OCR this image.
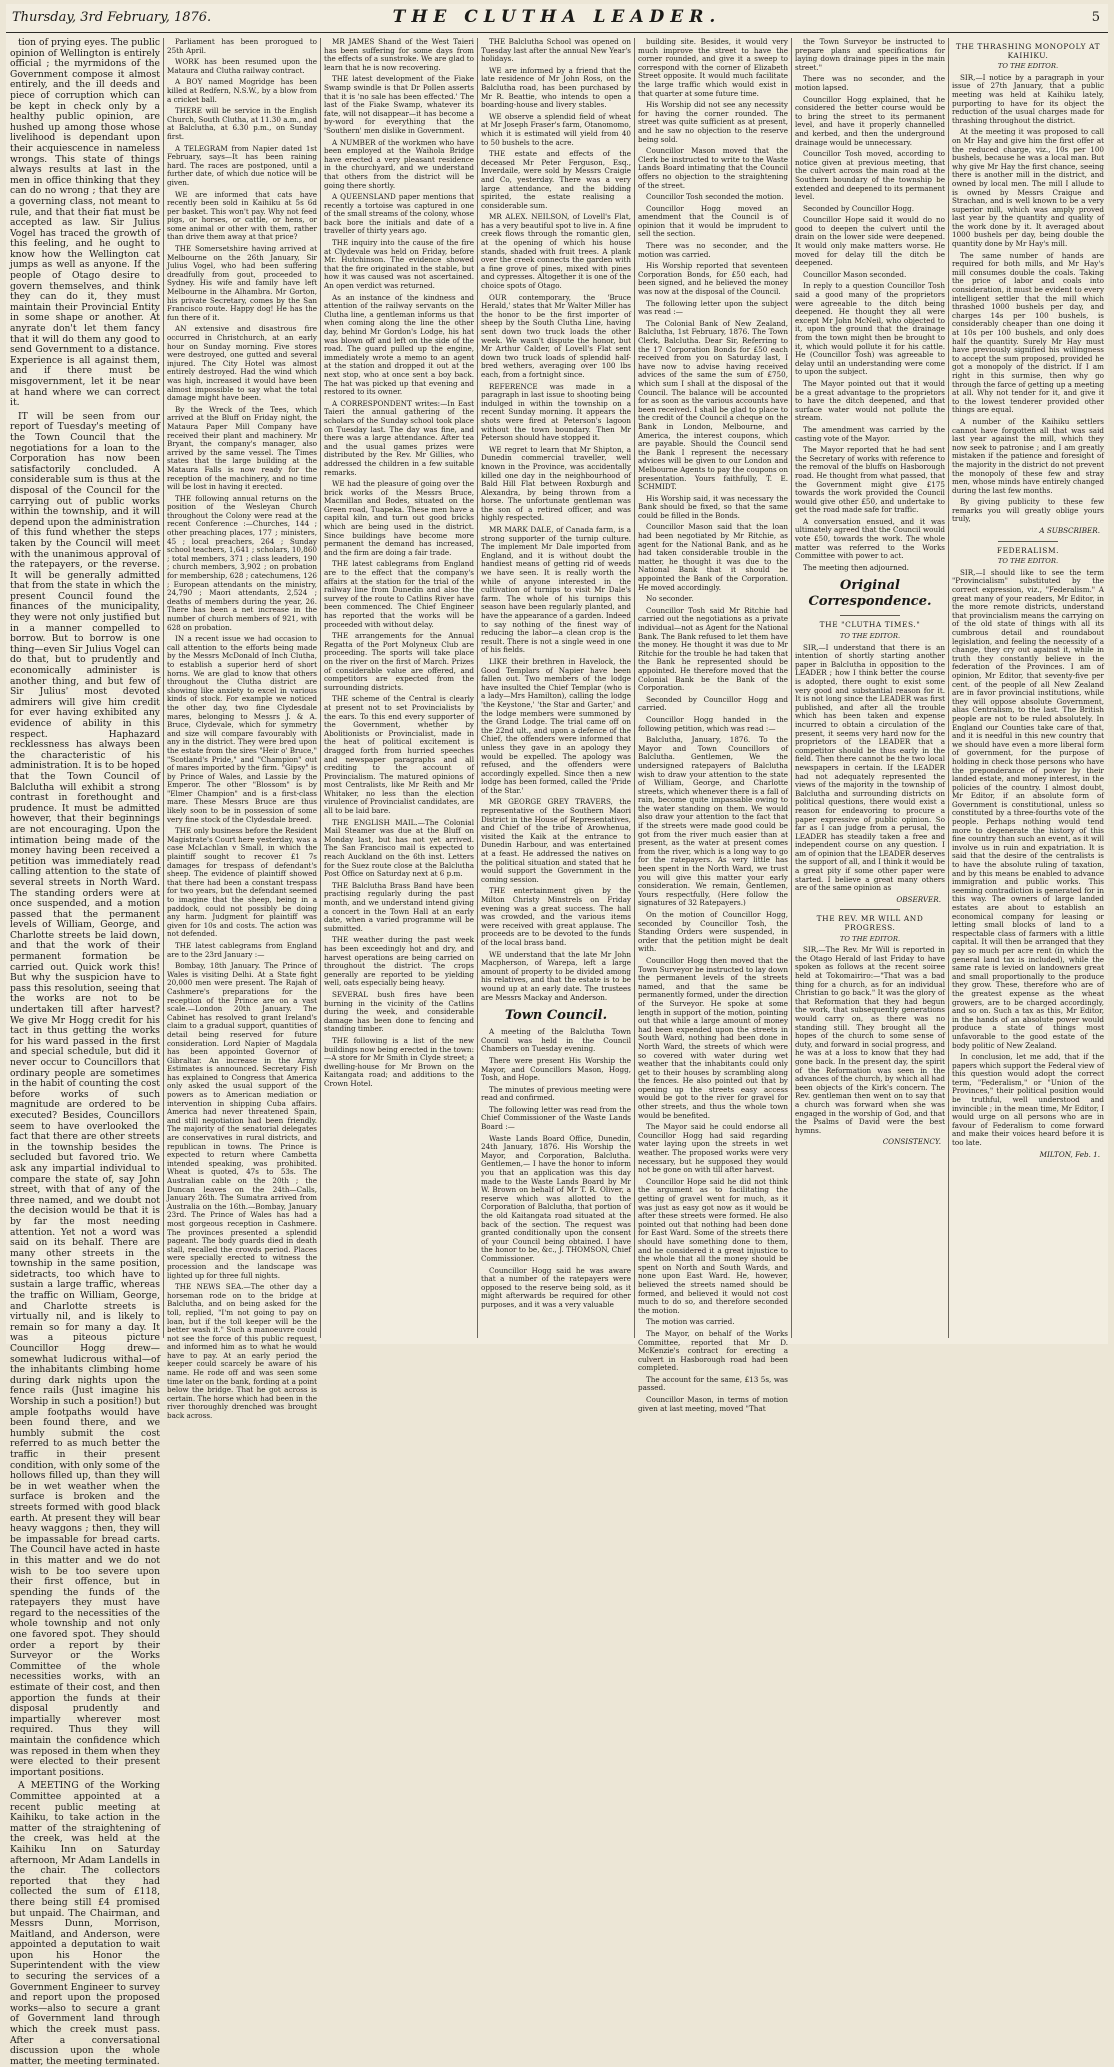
Thursday, 3rd February, 1876.	THE CLUTHA LEADER.	5

tion of prying eyes. The public opinion of Wellington is entirely official ; the myrmidons of the Government compose it almost entirely, and the ill deeds and piece of corruption which can be kept in check only by a healthy public opinion, are hushed up among those whose livelihood is dependant upon their acquiescence in nameless wrongs. This state of things always results at last in the men in office thinking that they can do no wrong ; that they are a governing class, not meant to rule, and that their fiat must be accepted as law. Sir Julius Vogel has traced the growth of this feeling, and he ought to know how the Wellington cat jumps as well as anyone. If the people of Otago desire to govern themselves, and think they can do it, they must maintain their Provincial Entity in some shape or another. At anyrate don't let them fancy that it will do them any good to send Government to a distance. Experience is all against them, and if there must be misgovernment, let it be near at hand where we can correct it.

IT will be seen from our report of Tuesday's meeting of the Town Council that the negotiations for a loan to the Corporation has now been satisfactorily concluded. A considerable sum is thus at the disposal of the Council for the carrying out of public works within the township, and it will depend upon the administration of this fund whether the steps taken by the Council will meet with the unanimous approval of the ratepayers, or the reverse. It will be generally admitted that from the state in which the present Council found the finances of the municipality, they were not only justified but in a manner compelled to borrow. But to borrow is one thing—even Sir Julius Vogel can do that, but to prudently and economically administer is another thing, and but few of Sir Julius' most devoted admirers will give him credit for ever having exhibited any evidence of ability in this respect. Haphazard recklessness has always been the characteristic of his administration. It is to be hoped that the Town Council of Balclutha will exhibit a strong contrast in forethought and prudence. It must be admitted however, that their beginnings are not encouraging. Upon the intimation being made of the money having been received a petition was immediately read calling attention to the state of several streets in North Ward. The standing orders were at once suspended, and a motion passed that the permanent levels of William, George, and Charlotte streets be laid down, and that the work of their permanent formation be carried out. Quick work this! But why the suspicion have to pass this resolution, seeing that the works are not to be undertaken till after harvest? We give Mr Hogg credit for his tact in thus getting the works for his ward passed in the first and special schedule, but did it never occur to Councillors that ordinary people are sometimes in the habit of counting the cost before works of such magnitude are ordered to be executed? Besides, Councillors seem to have overlooked the fact that there are other streets in the township besides the secluded but favored trio. We ask any impartial individual to compare the state of, say John street, with that of any of the three named, and we doubt not the decision would be that it is by far the most needing attention. Yet not a word was said on its behalf. There are many other streets in the township in the same position, sidetracts, too which have to sustain a large traffic, whereas the traffic on William, George, and Charlotte streets is virtually nil, and is likely to remain so for many a day. It was a piteous picture Councillor Hogg drew—somewhat ludicrous withal—of the inhabitants climbing home during dark nights upon the fence rails (Just imagine his Worship in such a position!) but ample footpaths would have been found there, and we humbly submit the cost referred to as much better the traffic in their present condition, with only some of the hollows filled up, than they will be in wet weather when the surface is broken and the streets formed with good black earth. At present they will bear heavy waggons ; then, they will be impassable for bread carts. The Council have acted in haste in this matter and we do not wish to be too severe upon their first offence, but in spending the funds of the ratepayers they must have regard to the necessities of the whole township and not only one favored spot. They should order a report by their Surveyor or the Works Committee of the whole necessities works, with an estimate of their cost, and then apportion the funds at their disposal prudently and impartially wherever most required. Thus they will maintain the confidence which was reposed in them when they were elected to their present important positions.

A MEETING of the Working Committee appointed at a recent public meeting at Kaihiku, to take action in the matter of the straightening of the creek, was held at the Kaihiku Inn on Saturday afternoon, Mr Adam Landells in the chair. The collectors reported that they had collected the sum of £118, there being still £4 promised but unpaid. The Chairman, and Messrs Dunn, Morrison, Maitland, and Anderson, were appointed a deputation to wait upon his Honor the Superintendent with the view to securing the services of a Government Engineer to survey and report upon the proposed works—also to secure a grant of Government land through which the creek must pass. After a conversational discussion upon the whole matter, the meeting terminated.

Parliament has been prorogued to 25th April.

WORK has been resumed upon the Mataura and Clutha railway contract.

A BOY named Mogridge has been killed at Redfern, N.S.W., by a blow from a cricket ball.

THERE will be service in the English Church, South Clutha, at 11.30 a.m., and at Balclutha, at 6.30 p.m., on Sunday first.

A TELEGRAM from Napier dated 1st February, says—It has been raining hard. The races are postponed, until a further date, of which due notice will be given.

WE are informed that cats have recently been sold in Kaihiku at 5s 6d per basket. This won't pay. Why not feed pigs, or horses, or cattle, or hens, or some animal or other with them, rather than drive them away at that price?

THE Somersetshire having arrived at Melbourne on the 26th January, Sir Julius Vogel, who had been suffering dreadfully from gout, proceeded to Sydney. His wife and family have left Melbourne in the Alhambra. Mr Gorton, his private Secretary, comes by the San Francisco route. Happy dog! He has the fun there of it.

AN extensive and disastrous fire occurred in Christchurch, at an early hour on Sunday morning. Five stores were destroyed, one gutted and several injured. The City Hotel was almost entirely destroyed. Had the wind which was high, increased it would have been almost impossible to say what the total damage might have been.

By the Wreck of the Tees, which arrived at the Bluff on Friday night, the Mataura Paper Mill Company have received their plant and machinery. Mr Bryant, the company's manager, also arrived by the same vessel. The Times states that the large building at the Mataura Falls is now ready for the reception of the machinery, and no time will be lost in having it erected.

THE following annual returns on the position of the Wesleyan Church throughout the Colony were read at the recent Conference :—Churches, 144 ; other preaching places, 177 ; ministers, 45 ; local preachers, 264 ; Sunday school teachers, 1,641 ; scholars, 10,860 ; total members, 371 ; class leaders, 190 ; church members, 3,902 ; on probation for membership, 628 ; catechumens, 126 ; European attendants on the ministry, 24,790 ; Maori attendants, 2,524 ; deaths of members during the year, 26. There has been a net increase in the number of church members of 921, with 628 on probation.

IN a recent issue we had occasion to call attention to the efforts being made by the Messrs McDonald of Inch Clutha, to establish a superior herd of short horns. We are glad to know that others throughout the Clutha district are showing like anxiety to excel in various kinds of stock. For example we noticed the other day, two fine Clydesdale mares, belonging to Messrs J. & A. Bruce, Clydevale, which for symmetry and size will compare favourably with any in the district. They were bred upon the estate from the sires "Heir o' Bruce," "Scotland's Pride," and "Champion" out of mares imported by the firm. "Gipsy" is by Prince of Wales, and Lassie by the Emperor. The other "Blossom" is by "Elmer Champion" and is a first-class mare. These Messrs Bruce are thus likely soon to be in possession of some very fine stock of the Clydesdale breed.

THE only business before the Resident Magistrate's Court here yesterday, was a case McLachlan v Small, in which the plaintiff sought to recover £1 7s damages for trespass of defendant's sheep. The evidence of plaintiff showed that there had been a constant trespass for two years, but the defendant seemed to imagine that the sheep, being in a paddock, could not possibly be doing any harm. Judgment for plaintiff was given for 10s and costs. The action was not defended.

THE latest cablegrams from England are to the 23rd January :—

Bombay, 18th January. The Prince of Wales is visiting Delhi. At a State fight 20,000 men were present. The Rajah of Cashmere's preparations for the reception of the Prince are on a vast scale.—London 20th January. The Cabinet has resolved to grant Ireland's claim to a gradual support, quantities of detail being reserved for future consideration. Lord Napier of Magdala has been appointed Governor of Gibraltar. An increase in the Army Estimates is announced. Secretary Fish has explained to Congress that America only asked the usual support of the powers as to American mediation or intervention in shipping Cuba affairs. America had never threatened Spain, and still negotiation had been friendly. The majority of the senatorial delegates are conservatives in rural districts, and republican in towns. The Prince is expected to return where Cambetta intended speaking, was prohibited. Wheat is quoted, 47s to 53s. The Australian cable on the 20th ; the Duncan leaves on the 24th—Calls, January 26th. The Sumatra arrived from Australia on the 16th.—Bombay, January 23rd. The Prince of Wales has had a most gorgeous reception in Cashmere. The provinces presented a splendid pageant. The body guards died in death stall, recalled the crowds period. Places were specially erected to witness the procession and the landscape was lighted up for three full nights.

THE NEWS SEA.—The other day a horseman rode on to the bridge at Balclutha, and on being asked for the toll, replied, "I'm not going to pay on loan, but if the toll keeper will be the better wash it." Such a manoeuvre could not see the force of this public request, and informed him as to what he would have to pay. At an early period the keeper could scarcely be aware of his name. He rode off and was seen some time later on the bank, fording at a point below the bridge. That he got across is certain. The horse which had been in the river thoroughly drenched was brought back across.

MR JAMES Shand of the West Taieri has been suffering for some days from the effects of a sunstroke. We are glad to learn that he is now recovering.

THE latest development of the Fiake Swamp swindle is that Dr Pollen asserts that it is 'no sale has been effected.' The last of the Fiake Swamp, whatever its fate, will not disappear—it has become a by-word for everything that the 'Southern' men dislike in Government.

A NUMBER of the workmen who have been employed at the Waihola Bridge have erected a very pleasant residence in the churchyard, and we understand that others from the district will be going there shortly.

A QUEENSLAND paper mentions that recently a tortoise was captured in one of the small streams of the colony, whose back bore the initials and date of a traveller of thirty years ago.

THE inquiry into the cause of the fire at Clydevale was held on Friday, before Mr. Hutchinson. The evidence showed that the fire originated in the stable, but how it was caused was not ascertained. An open verdict was returned.

As an instance of the kindness and attention of the railway servants on the Clutha line, a gentleman informs us that when coming along the line the other day, behind Mr Gordon's Lodge, his hat was blown off and left on the side of the road. The guard pulled up the engine, immediately wrote a memo to an agent at the station and dropped it out at the next stop, who at once sent a boy back. The hat was picked up that evening and restored to its owner.

A CORRESPONDENT writes:—In East Taieri the annual gathering of the scholars of the Sunday school took place on Tuesday last. The day was fine, and there was a large attendance. After tea and the usual games prizes were distributed by the Rev. Mr Gillies, who addressed the children in a few suitable remarks.

WE had the pleasure of going over the brick works of the Messrs Bruce, Macmillan and Bodes, situated on the Green road, Tuapeka. These men have a capital kiln, and turn out good bricks which are being used in the district. Since buildings have become more permanent the demand has increased, and the firm are doing a fair trade.

THE latest cablegrams from England are to the effect that the company's affairs at the station for the trial of the railway line from Dunedin and also the survey of the route to Catlins River have been commenced. The Chief Engineer has reported that the works will be proceeded with without delay.

THE arrangements for the Annual Regatta of the Port Molyneux Club are proceeding. The sports will take place on the river on the first of March. Prizes of considerable value are offered, and competitors are expected from the surrounding districts.

THE scheme of the Central is clearly at present not to set Provincialists by the ears. To this end every supporter of the Government, whether by Abolitionists or Provincialist, made in the heat of political excitement is dragged forth from hurried speeches and newspaper paragraphs and all crediting to the account of Provincialism. The matured opinions of most Centralists, like Mr Reith and Mr Whitaker, no less than the election virulence of Provincialist candidates, are all to be laid bare.

THE ENGLISH MAIL.—The Colonial Mail Steamer was due at the Bluff on Monday last, but has not yet arrived. The San Francisco mail is expected to reach Auckland on the 6th inst. Letters for the Suez route close at the Balclutha Post Office on Saturday next at 6 p.m.

THE Balclutha Brass Band have been practising regularly during the past month, and we understand intend giving a concert in the Town Hall at an early date, when a varied programme will be submitted.

THE weather during the past week has been exceedingly hot and dry, and harvest operations are being carried on throughout the district. The crops generally are reported to be yielding well, oats especially being heavy.

SEVERAL bush fires have been burning in the vicinity of the Catlins during the week, and considerable damage has been done to fencing and standing timber.

THE following is a list of the new buildings now being erected in the town:—A store for Mr Smith in Clyde street; a dwelling-house for Mr Brown on the Kaitangata road; and additions to the Crown Hotel.

THE Balclutha School was opened on Tuesday last after the annual New Year's holidays.

WE are informed by a friend that the late residence of Mr John Ross, on the Balclutha road, has been purchased by Mr R. Beattie, who intends to open a boarding-house and livery stables.

WE observe a splendid field of wheat at Mr Joseph Fraser's farm, Otanomomo, which it is estimated will yield from 40 to 50 bushels to the acre.

THE estate and effects of the deceased Mr Peter Ferguson, Esq., Inverdaile, were sold by Messrs Craigie and Co, yesterday. There was a very large attendance, and the bidding spirited, the estate realising a considerable sum.

MR ALEX. NEILSON, of Lovell's Flat, has a very beautiful spot to live in. A fine creek flows through the romantic glen, at the opening of which his house stands, shaded with fruit trees. A plank over the creek connects the garden with a fine grove of pines, mixed with pines and cypresses. Altogether it is one of the choice spots of Otago.

OUR contemporary, the 'Bruce Herald,' states that Mr Walter Miller has the honor to be the first importer of sheep by the South Clutha Line, having sent down two truck loads the other week. We wasn't dispute the honor, but Mr Arthur Calder, of Lovell's Flat sent down two truck loads of splendid half-bred wethers, averaging over 100 lbs each, from a fortnight since.

REFERENCE was made in a paragraph in last issue to shooting being indulged in within the township on a recent Sunday morning. It appears the shots were fired at Peterson's lagoon without the town boundary. Then Mr Peterson should have stopped it.

WE regret to learn that Mr Shipton, a Dunedin commercial traveller, well known in the Province, was accidentally killed one day in the neighbourhood of Bald Hill Flat between Roxburgh and Alexandra, by being thrown from a horse. The unfortunate gentleman was the son of a retired officer, and was highly respected.

MR MARK DALE, of Canada farm, is a strong supporter of the turnip culture. The implement Mr Dale imported from England, and it is without doubt the handiest means of getting rid of weeds we have seen. It is really worth the while of anyone interested in the cultivation of turnips to visit Mr Dale's farm. The whole of his turnips this season have been regularly planted, and have the appearance of a garden. Indeed to say nothing of the finest way of reducing the labor—a clean crop is the result. There is not a single weed in one of his fields.

LIKE their brethren in Havelock, the Good Templars of Napier have been fallen out. Two members of the lodge have insulted the Chief Templar (who is a lady—Mrs Hamilton), calling the lodge 'the Keystone,' 'the Star and Garter,' and the lodge members were summoned by the Grand Lodge. The trial came off on the 22nd ult., and upon a defence of the Chief, the offenders were informed that unless they gave in an apology they would be expelled. The apology was refused, and the offenders were accordingly expelled. Since then a new lodge has been formed, called the 'Pride of the Star.'

MR GEORGE GREY TRAVERS, the representative of the Southern Maori District in the House of Representatives, and Chief of the tribe of Arowhenua, visited the Kaik at the entrance to Dunedin Harbour, and was entertained at a feast. He addressed the natives on the political situation and stated that he would support the Government in the coming session.

THE entertainment given by the Milton Christy Minstrels on Friday evening was a great success. The hall was crowded, and the various items were received with great applause. The proceeds are to be devoted to the funds of the local brass band.

WE understand that the late Mr John Macpherson, of Warepa, left a large amount of property to be divided among his relatives, and that the estate is to be wound up at an early date. The trustees are Messrs Mackay and Anderson.

Town Council.

A meeting of the Balclutha Town Council was held in the Council Chambers on Tuesday evening.

There were present His Worship the Mayor, and Councillors Mason, Hogg, Tosh, and Hope.

The minutes of previous meeting were read and confirmed.

The following letter was read from the Chief Commissioner of the Waste Lands Board :—

Waste Lands Board Office, Dunedin, 24th January, 1876. His Worship the Mayor, and Corporation, Balclutha. Gentlemen,— I have the honor to inform you that an application was this day made to the Waste Lands Board by Mr W. Brown on behalf of Mr T. R. Oliver, a reserve which was allotted to the Corporation of Balclutha, that portion of the old Kaitangata road situated at the back of the section. The request was granted conditionally upon the consent of your Council being obtained. I have the honor to be, &c., J. THOMSON, Chief Commissioner.

Councillor Hogg said he was aware that a number of the ratepayers were opposed to the reserve being sold, as it might afterwards be required for other purposes, and it was a very valuable

building site. Besides, it would very much improve the street to have the corner rounded, and give it a sweep to correspond with the corner of Elizabeth Street opposite. It would much facilitate the large traffic which would exist in that quarter at some future time.

His Worship did not see any necessity for having the corner rounded. The street was quite sufficient as at present, and he saw no objection to the reserve being sold.

Councillor Mason moved that the Clerk be instructed to write to the Waste Lands Board intimating that the Council offers no objection to the straightening of the street.

Councillor Tosh seconded the motion.

Councillor Hogg moved an amendment that the Council is of opinion that it would be imprudent to sell the section.

There was no seconder, and the motion was carried.

His Worship reported that seventeen Corporation Bonds, for £50 each, had been signed, and he believed the money was now at the disposal of the Council.

The following letter upon the subject was read :—

The Colonial Bank of New Zealand, Balclutha, 1st February, 1876. The Town Clerk, Balclutha. Dear Sir, Referring to the 17 Corporation Bonds for £50 each received from you on Saturday last, I have now to advise having received advices of the same the sum of £750, which sum I shall at the disposal of the Council. The balance will be accounted for as soon as the various accounts have been received. I shall be glad to place to the credit of the Council a cheque on the Bank in London, Melbourne, and America, the interest coupons, which are payable. Should the Council send the Bank I represent the necessary advices will be given to our London and Melbourne Agents to pay the coupons on presentation. Yours faithfully, T. E. SCHMIDT.

His Worship said, it was necessary the Bank should be fixed, so that the same could be filled in the Bonds.

Councillor Mason said that the loan had been negotiated by Mr Ritchie, as agent for the National Bank, and as he had taken considerable trouble in the matter, he thought it was due to the National Bank that it should be appointed the Bank of the Corporation. He moved accordingly.

No seconder.

Councillor Tosh said Mr Ritchie had carried out the negotiations as a private individual—not as Agent for the National Bank. The Bank refused to let them have the money. He thought it was due to Mr Ritchie for the trouble he had taken that the Bank he represented should be appointed. He therefore moved that the Colonial Bank be the Bank of the Corporation.

Seconded by Councillor Hogg and carried.

Councillor Hogg handed in the following petition, which was read :—

Balclutha, January, 1876. To the Mayor and Town Councillors of Balclutha. Gentlemen, We the undersigned ratepayers of Balclutha wish to draw your attention to the state of William, George, and Charlotte streets, which whenever there is a fall of rain, become quite impassable owing to the water standing on them. We would also draw your attention to the fact that if the streets were made good could be got from the river much easier than at present, as the water at present comes from the river, which is a long way to go for the ratepayers. As very little has been spent in the North Ward, we trust you will give this matter your early consideration. We remain, Gentlemen, Yours respectfully, (Here follow the signatures of 32 Ratepayers.)

On the motion of Councillor Hogg, seconded by Councillor Tosh, the Standing Orders were suspended, in order that the petition might be dealt with.

Councillor Hogg then moved that the Town Surveyor be instructed to lay down the permanent levels of the streets named, and that the same be permanently formed, under the direction of the Surveyor. He spoke at some length in support of the motion, pointing out that while a large amount of money had been expended upon the streets in South Ward, nothing had been done in North Ward, the streets of which were so covered with water during wet weather that the inhabitants could only get to their houses by scrambling along the fences. He also pointed out that by opening up the streets easy access would be got to the river for gravel for other streets, and thus the whole town would be benefited.

The Mayor said he could endorse all Councillor Hogg had said regarding water laying upon the streets in wet weather. The proposed works were very necessary, but he supposed they would not be gone on with till after harvest.

Councillor Hope said he did not think the argument as to facilitating the getting of gravel went for much, as it was just as easy got now as it would be after these streets were formed. He also pointed out that nothing had been done for East Ward. Some of the streets there should have something done to them, and he considered it a great injustice to the whole that all the money should be spent on North and South Wards, and none upon East Ward. He, however, believed the streets named should be formed, and believed it would not cost much to do so, and therefore seconded the motion.

The motion was carried.

The Mayor, on behalf of the Works Committee, reported that Mr D. McKenzie's contract for erecting a culvert in Hasborough road had been completed.

The account for the same, £13 5s, was passed.

Councillor Mason, in terms of motion given at last meeting, moved "That

the Town Surveyor be instructed to prepare plans and specifications for laying down drainage pipes in the main street."

There was no seconder, and the motion lapsed.

Councillor Hogg explained, that he considered the better course would be to bring the street to its permanent level, and have it properly channelled and kerbed, and then the underground drainage would be unnecessary.

Councillor Tosh moved, according to notice given at previous meeting, that the culvert across the main road at the Southern boundary of the township be extended and deepened to its permanent level.

Seconded by Councillor Hogg.

Councillor Hope said it would do no good to deepen the culvert until the drain on the lower side were deepened. It would only make matters worse. He moved for delay till the ditch be deepened.

Councillor Mason seconded.

In reply to a question Councillor Tosh said a good many of the proprietors were agreeable to the ditch being deepened. He thought they all were except Mr John McNeil, who objected to it, upon the ground that the drainage from the town might then be brought to it, which would pollute it for his cattle. He (Councillor Tosh) was agreeable to delay until an understanding were come to upon the subject.

The Mayor pointed out that it would be a great advantage to the proprietors to have the ditch deepened, and that surface water would not pollute the stream.

The amendment was carried by the casting vote of the Mayor.

The Mayor reported that he had sent the Secretary of works with reference to the removal of the bluffs on Hasborough road. He thought from what passed, that the Government might give £175 towards the work provided the Council would give other £50, and undertake to get the road made safe for traffic.

A conversation ensued, and it was ultimately agreed that the Council would vote £50, towards the work. The whole matter was referred to the Works Committee with power to act.

The meeting then adjourned.

Original Correspondence.
THE "CLUTHA TIMES."
TO THE EDITOR.

SIR,—I understand that there is an intention of shortly starting another paper in Balclutha in opposition to the LEADER ; how I think better the course is adopted, there ought to exist some very good and substantial reason for it. It is not long since the LEADER was first published, and after all the trouble which has been taken and expense incurred to obtain a circulation of the present, it seems very hard now for the proprietors of the LEADER that a competitor should be thus early in the field. Then there cannot be the two local newspapers in certain. If the LEADER had not adequately represented the views of the majority in the township of Balclutha and surrounding districts on political questions, there would exist a reason for endeavoring to procure a paper expressive of public opinion. So far as I can judge from a perusal, the LEADER has steadily taken a free and independent course on any question. I am of opinion that the LEADER deserves the support of all, and I think it would be a great pity if some other paper were started. I believe a great many others are of the same opinion as

OBSERVER.

THE REV. MR WILL AND PROGRESS.
TO THE EDITOR.

SIR,—The Rev. Mr Will is reported in the Otago Herald of last Friday to have spoken as follows at the recent soiree held at Tokomairiro:—"That was a bad thing for a church, as for an individual Christian to go back." It was the glory of that Reformation that they had begun the work, that subsequently generations would carry on, as there was no standing still. They brought all the hopes of the church to some sense of duty, and forward in social progress, and he was at a loss to know that they had gone back. In the present day, the spirit of the Reformation was seen in the advances of the church, by which all had been objects of the Kirk's concern. The Rev. gentleman then went on to say that a church was forward when she was engaged in the worship of God, and that the Psalms of David were the best hymns.

CONSISTENCY.

THE THRASHING MONOPOLY AT KAIHIKU.
TO THE EDITOR.

SIR,—I notice by a paragraph in your issue of 27th January, that a public meeting was held at Kaihiku lately, purporting to have for its object the reduction of the usual charges made for thrashing throughout the district.

At the meeting it was proposed to call on Mr Hay and give him the first offer at the reduced charge, viz., 10s per 100 bushels, because he was a local man. But why give Mr Hay the first chance, seeing there is another mill in the district, and owned by local men. The mill I allude to is owned by Messrs Craigue and Strachan, and is well known to be a very superior mill, which was amply proved last year by the quantity and quality of the work done by it. It averaged about 1000 bushels per day, being double the quantity done by Mr Hay's mill.

The same number of hands are required for both mills, and Mr Hay's mill consumes double the coals. Taking the price of labor and coals into consideration, it must be evident to every intelligent settler that the mill which thrashed 1000 bushels per day, and charges 14s per 100 bushels, is considerably cheaper than one doing it at 10s per 100 bushels, and only does half the quantity. Surely Mr Hay must have previously signified his willingness to accept the sum proposed, provided he got a monopoly of the district. If I am right in this surmise, then why go through the farce of getting up a meeting at all. Why not tender for it, and give it to the lowest tenderer provided other things are equal.

A number of the Kaihiku settlers cannot have forgotten all that was said last year against the mill, which they now seek to patronise ; and I am greatly mistaken if the patience and foresight of the majority in the district do not prevent the monopoly of these few and stray men, whose minds have entirely changed during the last few months.

By giving publicity to these few remarks you will greatly oblige yours truly,

A SUBSCRIBER.

FEDERALISM.
TO THE EDITOR.

SIR,—I should like to see the term "Provincialism" substituted by the correct expression, viz., "Federalism." A great many of your readers, Mr Editor, in the more remote districts, understand that provincialism means the carrying on of the old state of things with all its cumbrous detail and roundabout legislation, and feeling the necessity of a change, they cry out against it, while in truth they constantly believe in the federation of the Provinces. I am of opinion, Mr Editor, that seventy-five per cent. of the people of all New Zealand are in favor provincial institutions, while they will oppose absolute Government, alias Centralism, to the last. The British people are not to be ruled absolutely. In England our Counties take care of that, and it is needful in this new country that we should have even a more liberal form of government, for the purpose of holding in check those persons who have the preponderance of power by their landed estate, and money interest, in the policies of the country. I almost doubt, Mr Editor, if an absolute form of Government is constitutional, unless so constituted by a three-fourths vote of the people. Perhaps nothing would tend more to degenerate the history of this fine country than such an event, as it will involve us in ruin and expatriation. It is said that the desire of the centralists is to have the absolute ruling of taxation, and by this means be enabled to advance immigration and public works. This seeming contradiction is generated for in this way. The owners of large landed estates are about to establish an economical company for leasing or letting small blocks of land to a respectable class of farmers with a little capital. It will then be arranged that they pay so much per acre rent (in which the general land tax is included), while the same rate is levied on landowners great and small proportionally to the produce they grow. These, therefore who are of the greatest expense as the wheat growers, are to be charged accordingly, and so on. Such a tax as this, Mr Editor, in the hands of an absolute power would produce a state of things most unfavorable to the good estate of the body politic of New Zealand.

In conclusion, let me add, that if the papers which support the Federal view of this question would adopt the correct term, "Federalism," or "Union of the Provinces," their political position would be truthful, well understood and invincible ; in the mean time, Mr Editor, I would urge on all persons who are in favour of Federalism to come forward and make their voices heard before it is too late.

MILTON, Feb. 1.
